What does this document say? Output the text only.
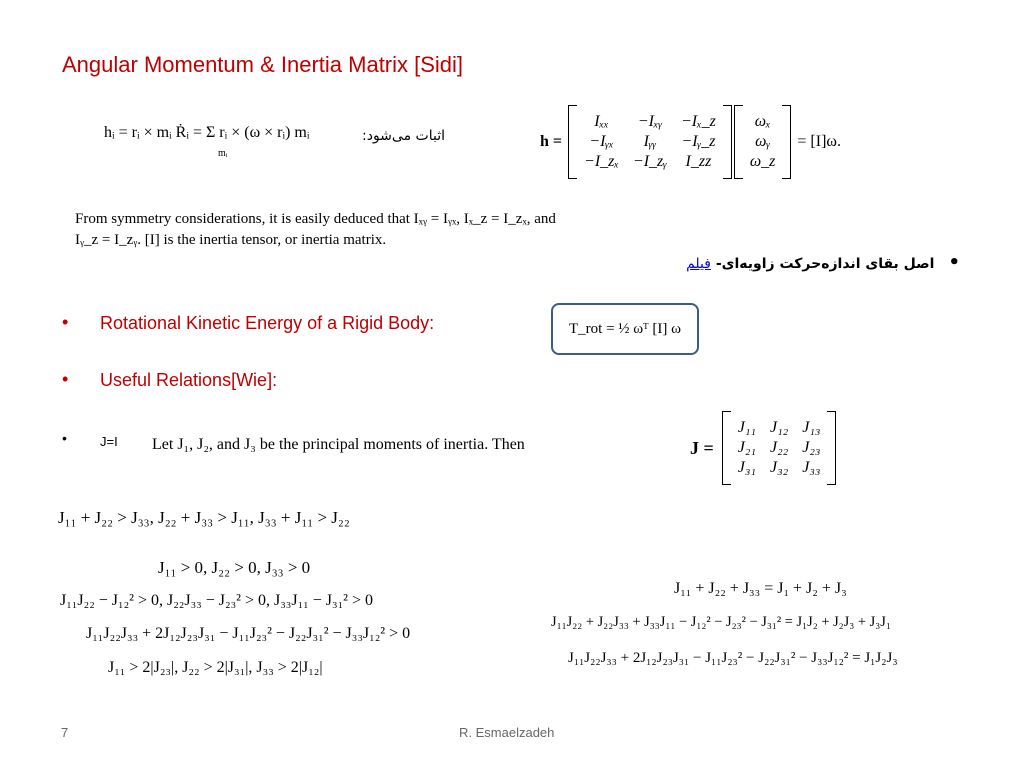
Angular Momentum & Inertia Matrix [Sidi]
hᵢ = rᵢ × mᵢ Ṙᵢ = Σ rᵢ × (ω × rᵢ) mᵢ
mᵢ
اثبات می‌شود:	h =
Iₓₓ	−Iₓᵧ	−Iₓ_z
−Iᵧₓ	Iᵧᵧ	−Iᵧ_z
−I_zₓ	−I_zᵧ	I_zz
ωₓ
ωᵧ
ω_z
= [I]ω.
From symmetry considerations, it is easily deduced that Iₓᵧ = Iᵧₓ, Iₓ_z = I_zₓ, and
Iᵧ_z = I_zᵧ. [I] is the inertia tensor, or inertia matrix.
•اصل بقای اندازه‌حرکت زاویه‌ای- فیلم
• Rotational Kinetic Energy of a Rigid Body:	T_rot = ½ ωᵀ [I] ω
• Useful Relations[Wie]:
•	J=I Let J₁, J₂, and J₃ be the principal moments of inertia. Then	J =
J₁₁	J₁₂	J₁₃
J₂₁	J₂₂	J₂₃
J₃₁	J₃₂	J₃₃
J₁₁ + J₂₂ > J₃₃, J₂₂ + J₃₃ > J₁₁, J₃₃ + J₁₁ > J₂₂
J₁₁ > 0, J₂₂ > 0, J₃₃ > 0
J₁₁J₂₂ − J₁₂² > 0, J₂₂J₃₃ − J₂₃² > 0, J₃₃J₁₁ − J₃₁² > 0
J₁₁J₂₂J₃₃ + 2J₁₂J₂₃J₃₁ − J₁₁J₂₃² − J₂₂J₃₁² − J₃₃J₁₂² > 0
J₁₁ > 2|J₂₃|, J₂₂ > 2|J₃₁|, J₃₃ > 2|J₁₂|
J₁₁ + J₂₂ + J₃₃ = J₁ + J₂ + J₃
J₁₁J₂₂ + J₂₂J₃₃ + J₃₃J₁₁ − J₁₂² − J₂₃² − J₃₁² = J₁J₂ + J₂J₃ + J₃J₁
J₁₁J₂₂J₃₃ + 2J₁₂J₂₃J₃₁ − J₁₁J₂₃² − J₂₂J₃₁² − J₃₃J₁₂² = J₁J₂J₃
7	R. Esmaelzadeh
